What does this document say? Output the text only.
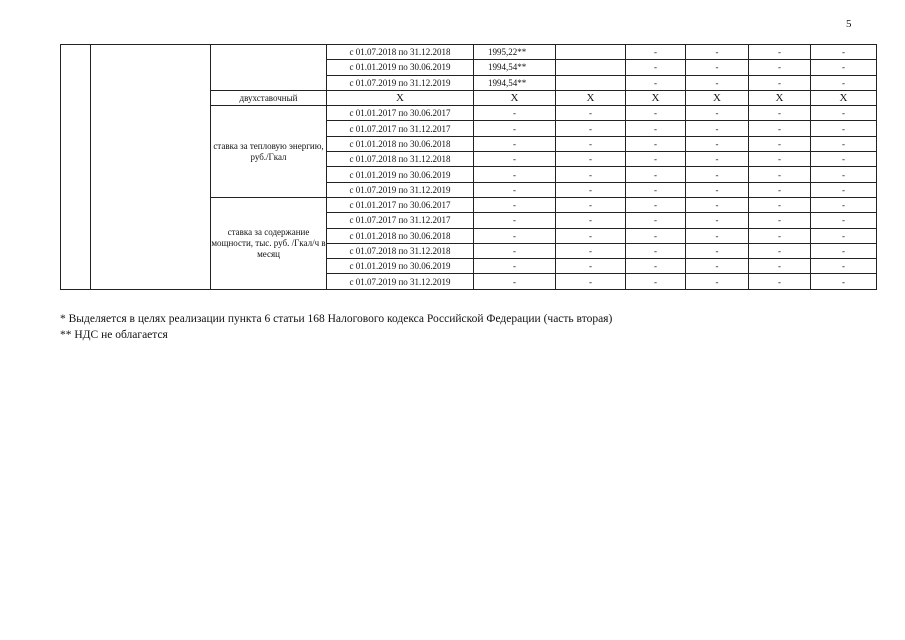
5
			с 01.07.2018 по 31.12.2018	1995,22**		-	-	-	-
			с 01.01.2019 по 30.06.2019	1994,54**		-	-	-	-
			с 01.07.2019 по 31.12.2019	1994,54**		-	-	-	-
		двухставочный	Х	Х	Х	Х	Х	Х	Х
		ставка за тепловую энергию, руб./Гкал	с 01.01.2017 по 30.06.2017	-	-	-	-	-	-
			с 01.07.2017 по 31.12.2017	-	-	-	-	-	-
			с 01.01.2018 по 30.06.2018	-	-	-	-	-	-
			с 01.07.2018 по 31.12.2018	-	-	-	-	-	-
			с 01.01.2019 по 30.06.2019	-	-	-	-	-	-
			с 01.07.2019 по 31.12.2019	-	-	-	-	-	-
		ставка за содержание мощности, тыс. руб. /Гкал/ч в месяц	с 01.01.2017 по 30.06.2017	-	-	-	-	-	-
			с 01.07.2017 по 31.12.2017	-	-	-	-	-	-
			с 01.01.2018 по 30.06.2018	-	-	-	-	-	-
			с 01.07.2018 по 31.12.2018	-	-	-	-	-	-
			с 01.01.2019 по 30.06.2019	-	-	-	-	-	-
			с 01.07.2019 по 31.12.2019	-	-	-	-	-	-
* Выделяется в целях реализации пункта 6 статьи 168 Налогового кодекса Российской Федерации (часть вторая)
** НДС не облагается
